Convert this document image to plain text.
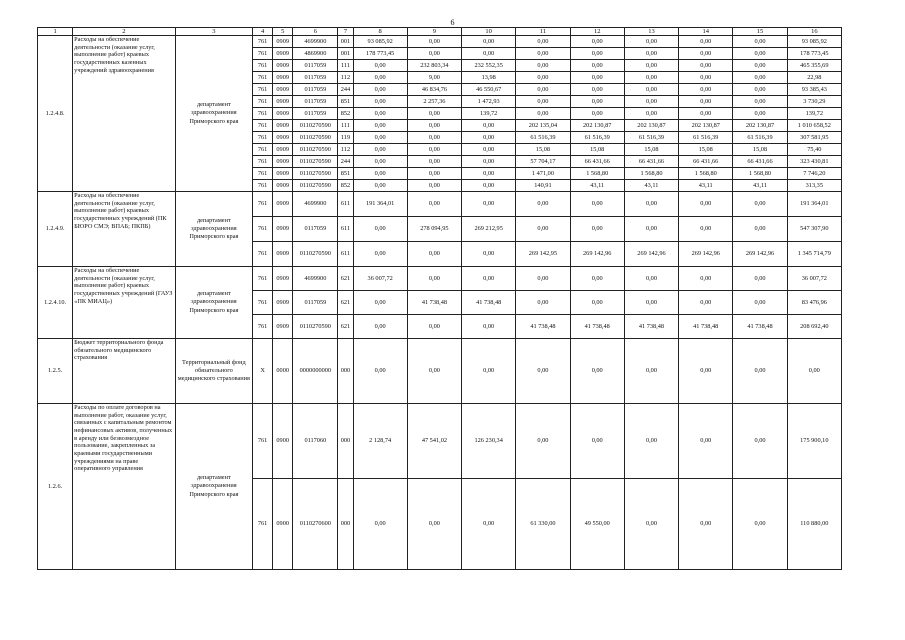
6
1	2	3	4	5	6	7	8	9	10	11	12	13	14	15	16
1.2.4.8.	Расходы на обеспечение деятельности (оказание услуг, выполнение работ) краевых государственных казенных учреждений здравоохранения	департамент здравоохранения Приморского края	761	0909	4699900	001	93 085,92	0,00	0,00	0,00	0,00	0,00	0,00	0,00	93 085,92
			761	0909	4869900	001	178 773,45	0,00	0,00	0,00	0,00	0,00	0,00	0,00	178 773,45
			761	0909	0117059	111	0,00	232 803,34	232 552,35	0,00	0,00	0,00	0,00	0,00	465 355,69
			761	0909	0117059	112	0,00	9,00	13,98	0,00	0,00	0,00	0,00	0,00	22,98
			761	0909	0117059	244	0,00	46 834,76	46 550,67	0,00	0,00	0,00	0,00	0,00	93 385,43
			761	0909	0117059	851	0,00	2 257,36	1 472,93	0,00	0,00	0,00	0,00	0,00	3 730,29
			761	0909	0117059	852	0,00	0,00	139,72	0,00	0,00	0,00	0,00	0,00	139,72
			761	0909	0110270590	111	0,00	0,00	0,00	202 135,04	202 130,87	202 130,87	202 130,87	202 130,87	1 010 658,52
			761	0909	0110270590	119	0,00	0,00	0,00	61 516,39	61 516,39	61 516,39	61 516,39	61 516,39	307 581,95
			761	0909	0110270590	112	0,00	0,00	0,00	15,08	15,08	15,08	15,08	15,08	75,40
			761	0909	0110270590	244	0,00	0,00	0,00	57 704,17	66 431,66	66 431,66	66 431,66	66 431,66	323 430,81
			761	0909	0110270590	851	0,00	0,00	0,00	1 471,00	1 568,80	1 568,80	1 568,80	1 568,80	7 746,20
			761	0909	0110270590	852	0,00	0,00	0,00	140,91	43,11	43,11	43,11	43,11	313,35
1.2.4.9.	Расходы на обеспечение деятельности (оказание услуг, выполнение работ) краевых государственных учреждений (ПК БЮРО СМЭ; ВПАБ; ПКПБ)	департамент здравоохранения Приморского края	761	0909	4699900	611	191 364,01	0,00	0,00	0,00	0,00	0,00	0,00	0,00	191 364,01
			761	0909	0117059	611	0,00	278 094,95	269 212,95	0,00	0,00	0,00	0,00	0,00	547 307,90
			761	0909	0110270590	611	0,00	0,00	0,00	269 142,95	269 142,96	269 142,96	269 142,96	269 142,96	1 345 714,79
1.2.4.10.	Расходы на обеспечение деятельности (оказание услуг, выполнение работ) краевых государственных учреждений (ГАУЗ «ПК МИАЦ»)	департамент здравоохранения Приморского края	761	0909	4699900	621	36 007,72	0,00	0,00	0,00	0,00	0,00	0,00	0,00	36 007,72
			761	0909	0117059	621	0,00	41 738,48	41 738,48	0,00	0,00	0,00	0,00	0,00	83 476,96
			761	0909	0110270590	621	0,00	0,00	0,00	41 738,48	41 738,48	41 738,48	41 738,48	41 738,48	208 692,40
1.2.5.	Бюджет территориального фонда обязательного медицинского страхования	Территориальный фонд обязательного медицинского страхования	X	0000	0000000000	000	0,00	0,00	0,00	0,00	0,00	0,00	0,00	0,00	0,00
1.2.6.	Расходы по оплате договоров на выполнение работ, оказание услуг, связанных с капитальным ремонтом нефинансовых активов, полученных в аренду или безвозмездное пользование, закрепленных за краевыми государственными учреждениями на праве оперативного управления	департамент здравоохранения Приморского края	761	0900	0117060	000	2 128,74	47 541,02	126 230,34	0,00	0,00	0,00	0,00	0,00	175 900,10
			761	0900	0110270600	000	0,00	0,00	0,00	61 330,00	49 550,00	0,00	0,00	0,00	110 880,00
